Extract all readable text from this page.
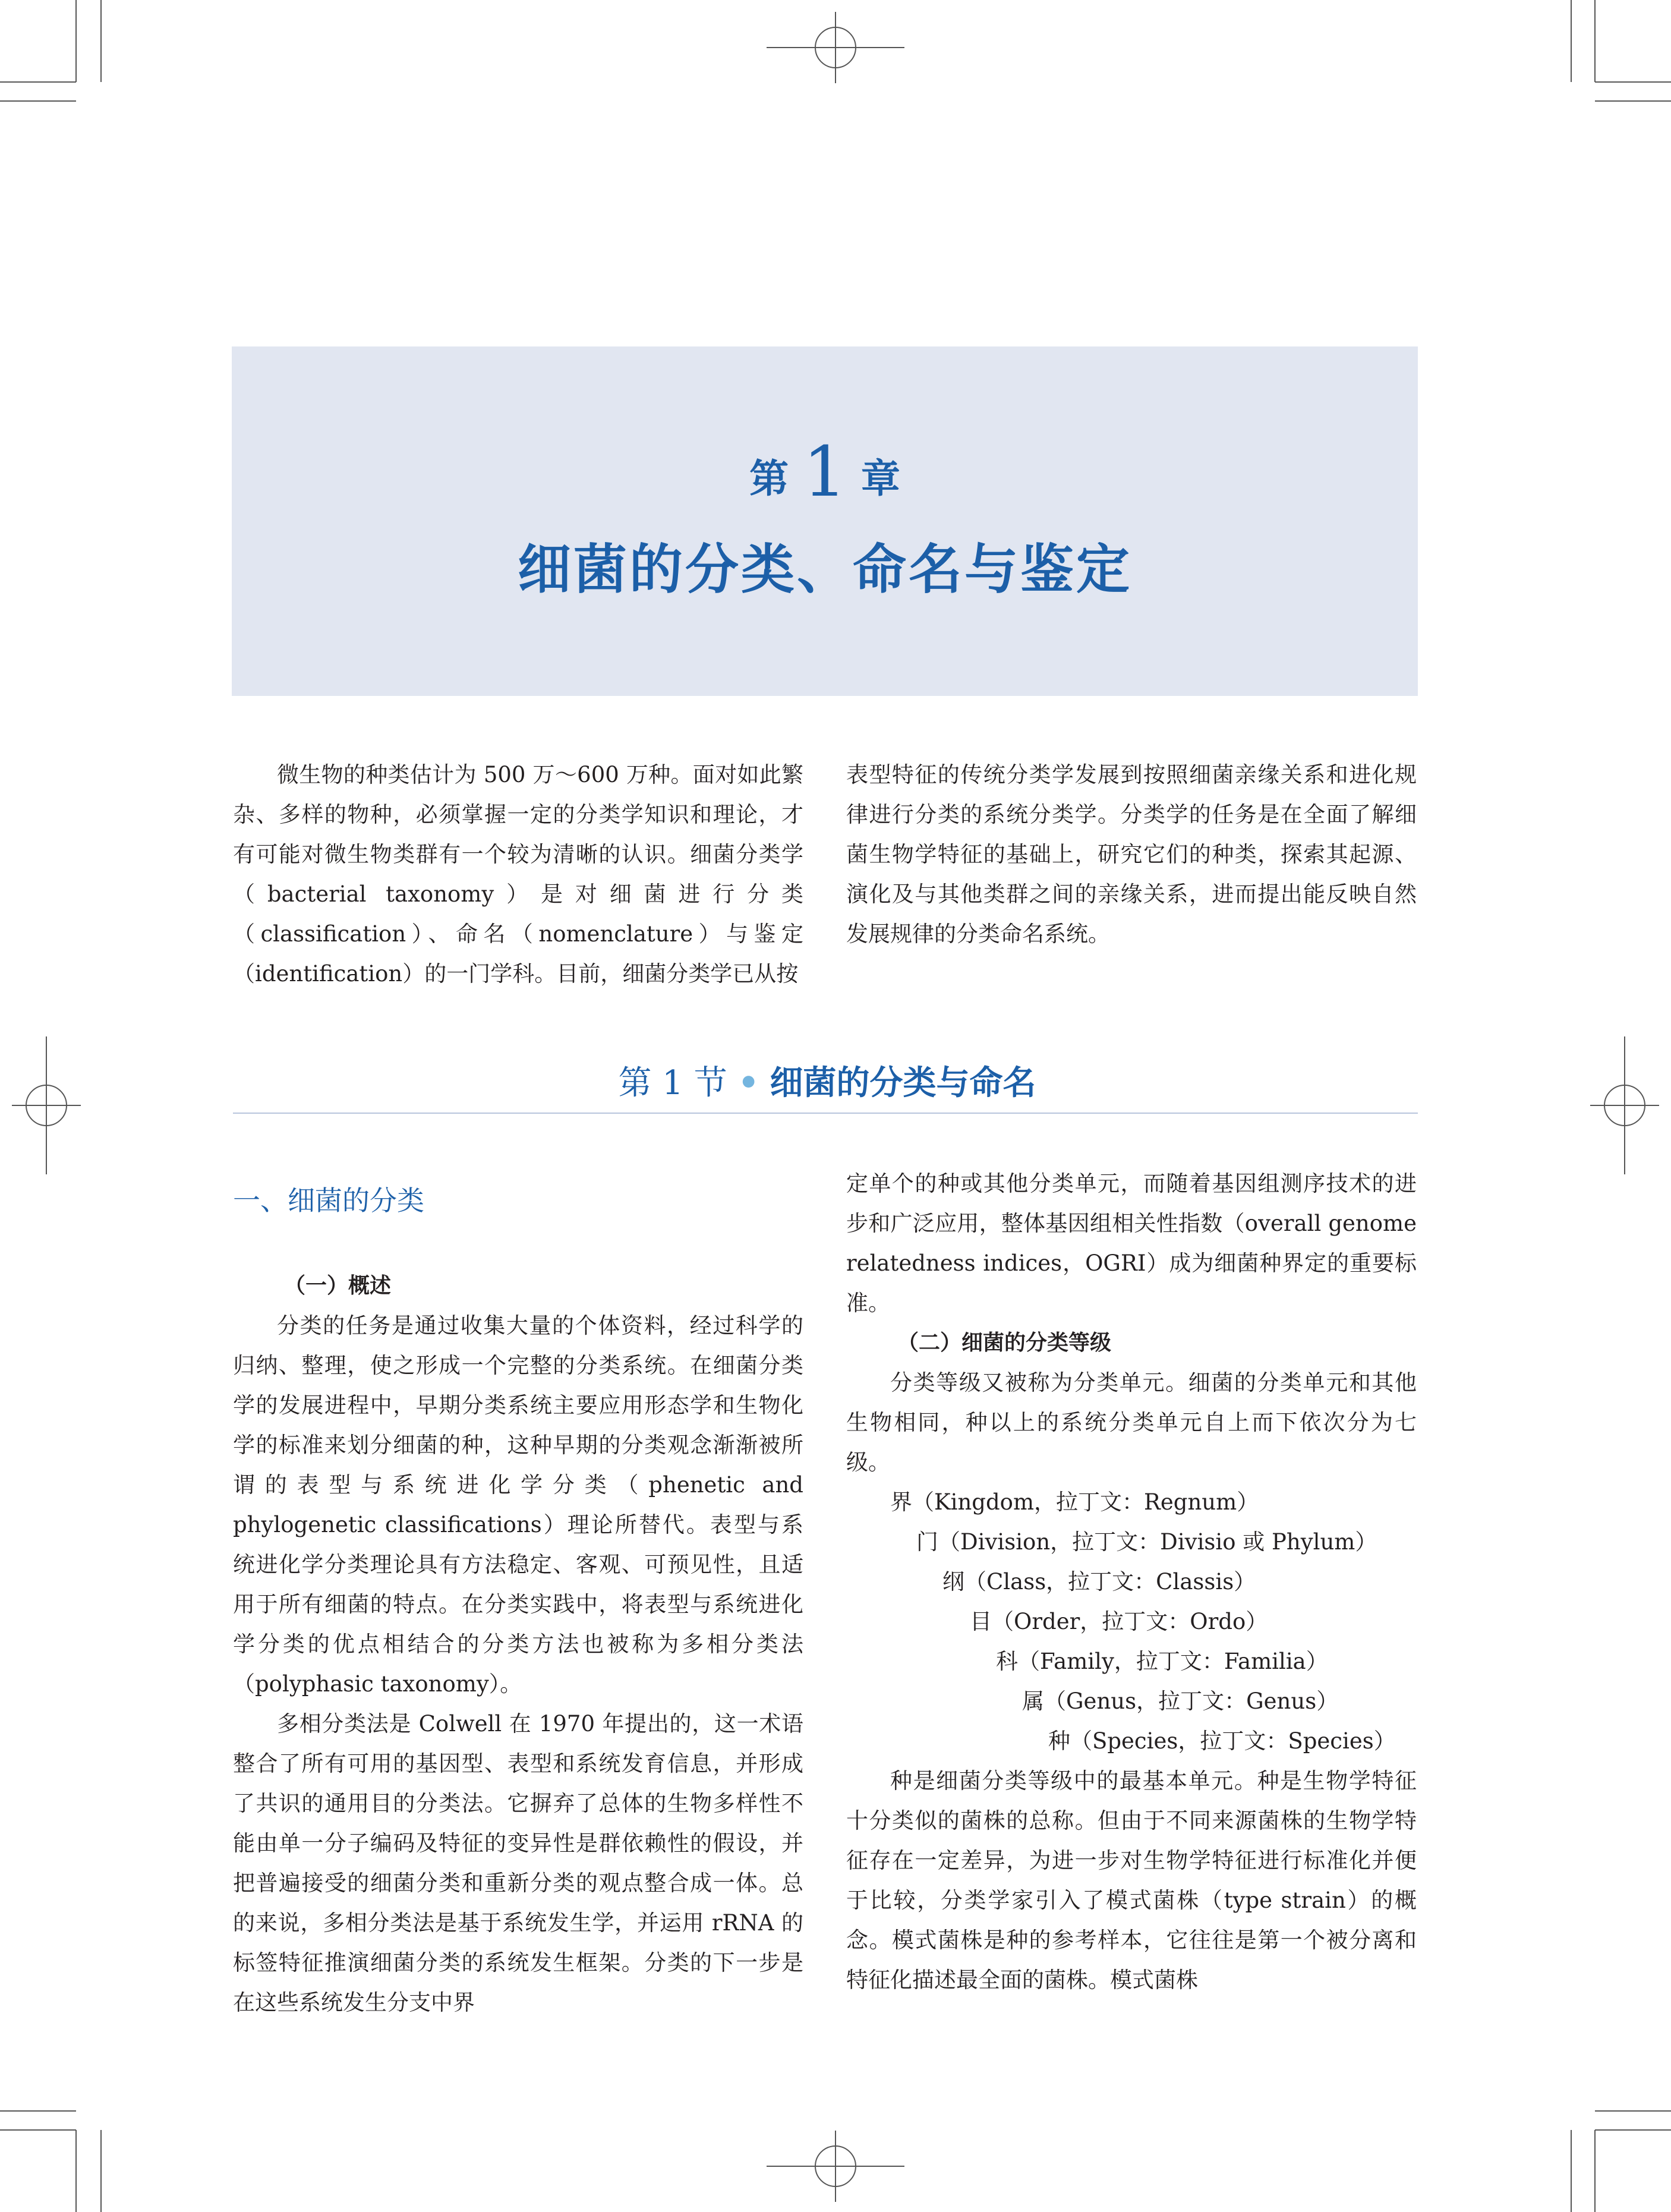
第 1 章
细菌的分类、命名与鉴定

微生物的种类估计为 500 万～600 万种。面对如此繁杂、多样的物种，必须掌握一定的分类学知识和理论，才有可能对微生物类群有一个较为清晰的认识。细菌分类学（bacterial taxonomy）是对细菌进行分类（classification）、命名（nomenclature）与鉴定（identification）的一门学科。目前，细菌分类学已从按

表型特征的传统分类学发展到按照细菌亲缘关系和进化规律进行分类的系统分类学。分类学的任务是在全面了解细菌生物学特征的基础上，研究它们的种类，探索其起源、演化及与其他类群之间的亲缘关系，进而提出能反映自然发展规律的分类命名系统。

第 1 节 • 细菌的分类与命名
一、细菌的分类

（一）概述

分类的任务是通过收集大量的个体资料，经过科学的归纳、整理，使之形成一个完整的分类系统。在细菌分类学的发展进程中，早期分类系统主要应用形态学和生物化学的标准来划分细菌的种，这种早期的分类观念渐渐被所谓的表型与系统进化学分类（phenetic and phylogenetic classifications）理论所替代。表型与系统进化学分类理论具有方法稳定、客观、可预见性，且适用于所有细菌的特点。在分类实践中，将表型与系统进化学分类的优点相结合的分类方法也被称为多相分类法（polyphasic taxonomy）。

多相分类法是 Colwell 在 1970 年提出的，这一术语整合了所有可用的基因型、表型和系统发育信息，并形成了共识的通用目的分类法。它摒弃了总体的生物多样性不能由单一分子编码及特征的变异性是群依赖性的假设，并把普遍接受的细菌分类和重新分类的观点整合成一体。总的来说，多相分类法是基于系统发生学，并运用 rRNA 的标签特征推演细菌分类的系统发生框架。分类的下一步是在这些系统发生分支中界

定单个的种或其他分类单元，而随着基因组测序技术的进步和广泛应用，整体基因组相关性指数（overall genome relatedness indices，OGRI）成为细菌种界定的重要标准。

（二）细菌的分类等级

分类等级又被称为分类单元。细菌的分类单元和其他生物相同，种以上的系统分类单元自上而下依次分为七级。

界（Kingdom，拉丁文：Regnum）

门（Division，拉丁文：Divisio 或 Phylum）

纲（Class，拉丁文：Classis）

目（Order，拉丁文：Ordo）

科（Family，拉丁文：Familia）

属（Genus，拉丁文：Genus）

种（Species，拉丁文：Species）

种是细菌分类等级中的最基本单元。种是生物学特征十分类似的菌株的总称。但由于不同来源菌株的生物学特征存在一定差异，为进一步对生物学特征进行标准化并便于比较，分类学家引入了模式菌株（type strain）的概念。模式菌株是种的参考样本，它往往是第一个被分离和特征化描述最全面的菌株。模式菌株
